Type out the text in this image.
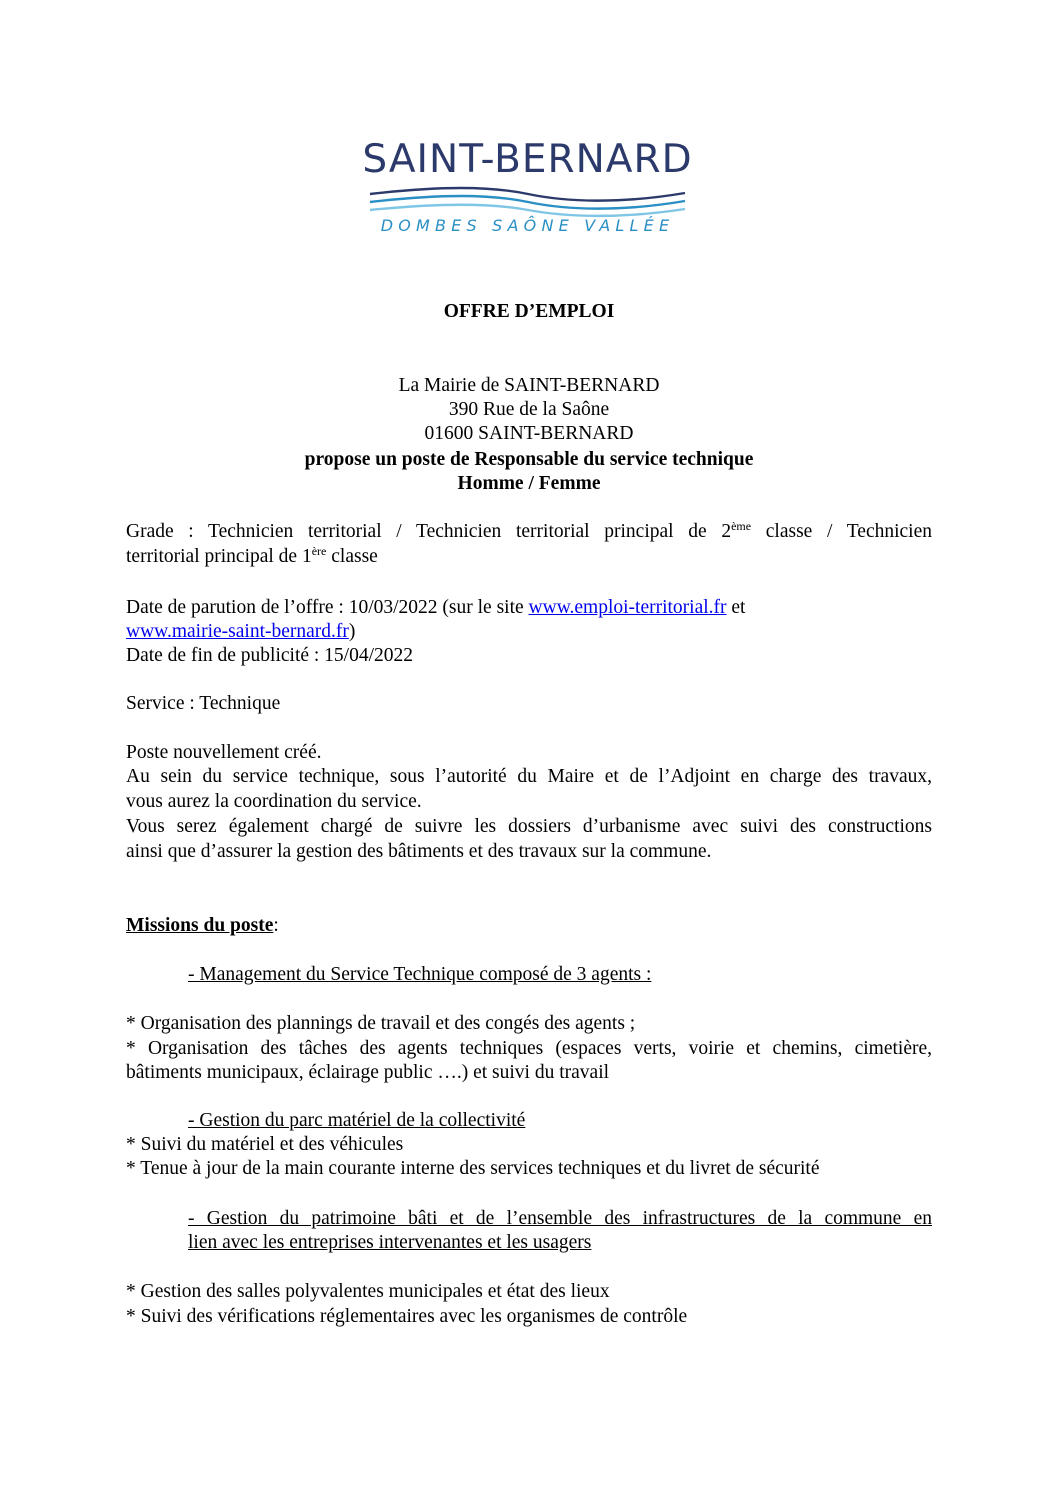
SAINT-BERNARD
DOMBES SAÔNE VALLÉE
OFFRE D’EMPLOI
La Mairie de SAINT-BERNARD
390 Rue de la Saône
01600 SAINT-BERNARD
propose un poste de Responsable du service technique
Homme / Femme
Grade : Technicien territorial / Technicien territorial principal de 2ème classe / Technicien
territorial principal de 1ère classe
Date de parution de l’offre : 10/03/2022 (sur le site www.emploi-territorial.fr et
www.mairie-saint-bernard.fr)
Date de fin de publicité : 15/04/2022
Service : Technique
Poste nouvellement créé.
Au sein du service technique, sous l’autorité du Maire et de l’Adjoint en charge des travaux,
vous aurez la coordination du service.
Vous serez également chargé de suivre les dossiers d’urbanisme avec suivi des constructions
ainsi que d’assurer la gestion des bâtiments et des travaux sur la commune.
Missions du poste:
- Management du Service Technique composé de 3 agents :
* Organisation des plannings de travail et des congés des agents ;
* Organisation des tâches des agents techniques (espaces verts, voirie et chemins, cimetière,
bâtiments municipaux, éclairage public ….) et suivi du travail
- Gestion du parc matériel de la collectivité
* Suivi du matériel et des véhicules
* Tenue à jour de la main courante interne des services techniques et du livret de sécurité
- Gestion du patrimoine bâti et de l’ensemble des infrastructures de la commune en
lien avec les entreprises intervenantes et les usagers
* Gestion des salles polyvalentes municipales et état des lieux
* Suivi des vérifications réglementaires avec les organismes de contrôle
